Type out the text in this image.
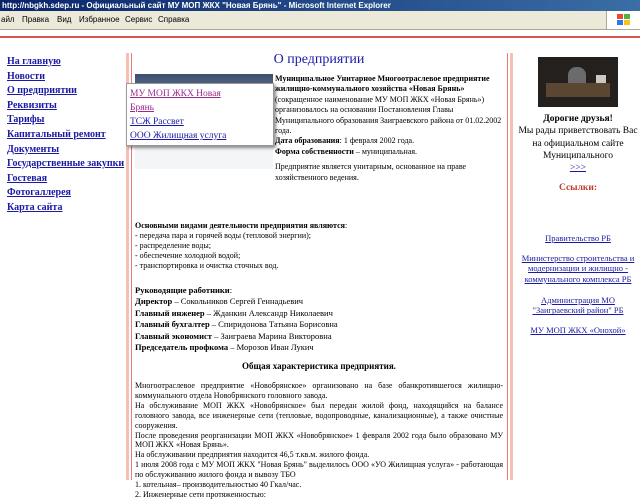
http://nbgkh.sdep.ru - Официальный сайт МУ МОП ЖКХ "Новая Брянь" - Microsoft Internet Explorer
айл Правка Вид Избранное Сервис Справка
На главную
Новости
О предприятии
Реквизиты
Тарифы
Капитальный ремонт
Документы
Государственные закупки
Гостевая
Фотогаллерея
Карта сайта
О предприятии
Муниципальное Унитарное Многоотраслевое предприятие жилищно-коммунального хозяйства «Новая Брянь» (сокращенное наименование МУ МОП ЖКХ «Новая Брянь») организовалось на основании Постановления Главы Муниципального образования Заиграевского района от 01.02.2002 года.
Дата образования: 1 февраля 2002 года.
Форма собственности – муниципальная.

Предприятие является унитарным, основанное на праве хозяйственного ведения.
Основными видами деятельности предприятия являются:
- передача пара и горячей воды (тепловой энергии);
- распределение воды;
- обеспечение холодной водой;
- транспортировка и очистка сточных вод.
Руководящие работники:
Директор – Сокольников Сергей Геннадьевич
Главный инженер – Жданкин Александр Николаевич
Главный бухгалтер – Спиридонова Татьяна Борисовна
Главный экономист – Заиграева Марина Викторовна
Председатель профкома – Морозов Иван Лукич
Общая характеристика предприятия.
Многоотраслевое предприятие «Новобрянское» организовано на базе обанкротившегося жилищно-коммунального отдела Новобрянского головного завода.
На обслуживание МОП ЖКХ «Новобрянское» был передан жилой фонд, находящийся на балансе головного завода, все инженерные сети (тепловые, водопроводные, канализационные), а также очистные сооружения.
После проведения реорганизации МОП ЖКХ «Новобрянское» 1 февраля 2002 года было образовано МУ МОП ЖКХ «Новая Брянь».
На обслуживании предприятия находится 46,5 т.кв.м. жилого фонда.
1 июля 2008 года с МУ МОП ЖКХ "Новая Брянь" выделилось ООО «УО Жилищная услуга» - работающая по обслуживанию жилого фонда и вывозу ТБО
1. котельная– производительностью 40 Гкал/час.
2. Инженерные сети протяженностью:
МУ МОП ЖКХ Новая
Брянь
ТСЖ Рассвет
ООО Жилищная услуга
Дорогие друзья!
Мы рады приветствовать Вас на официальном сайте Муниципального
>>>
Ссылки:
Правительство РБ
Министерство строительства и модернизации и жилищно - коммунального комплекса РБ
Администрация МО "Заиграевский район" РБ
МУ МОП ЖКХ «Онохой»
